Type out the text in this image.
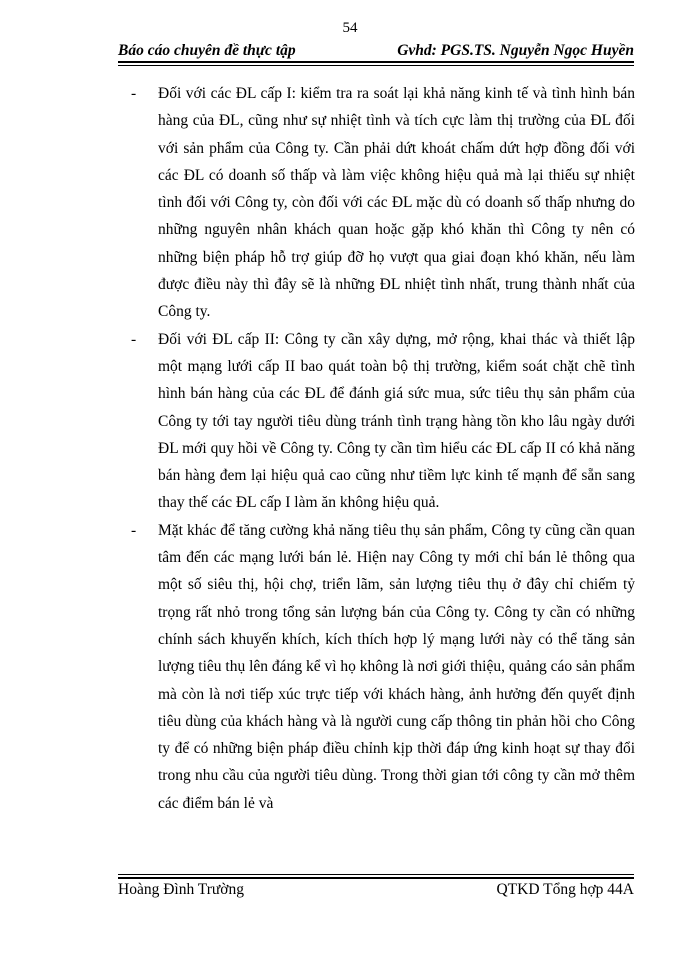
54
Báo cáo chuyên đề thực tập	Gvhd: PGS.TS. Nguyễn Ngọc Huyền
- Đối với các ĐL cấp I: kiểm tra ra soát lại khả năng kinh tế và tình hình bán hàng của ĐL, cũng như sự nhiệt tình và tích cực làm thị trường của ĐL đối với sản phẩm của Công ty. Cần phải dứt khoát chấm dứt hợp đồng đối với các ĐL có doanh số thấp và làm việc không hiệu quả mà lại thiếu sự nhiệt tình đối với Công ty, còn đối với các ĐL mặc dù có doanh số thấp nhưng do những nguyên nhân khách quan hoặc gặp khó khăn thì Công ty nên có những biện pháp hỗ trợ giúp đỡ họ vượt qua giai đoạn khó khăn, nếu làm được điều này thì đây sẽ là những ĐL nhiệt tình nhất, trung thành nhất của Công ty.
- Đối với ĐL cấp II: Công ty cần xây dựng, mở rộng, khai thác và thiết lập một mạng lưới cấp II bao quát toàn bộ thị trường, kiểm soát chặt chẽ tình hình bán hàng của các ĐL để đánh giá sức mua, sức tiêu thụ sản phẩm của Công ty tới tay người tiêu dùng tránh tình trạng hàng tồn kho lâu ngày dưới ĐL mới quy hồi về Công ty. Công ty cần tìm hiểu các ĐL cấp II có khả năng bán hàng đem lại hiệu quả cao cũng như tiềm lực kinh tế mạnh để sẵn sang thay thế các ĐL cấp I làm ăn không hiệu quả.
- Mặt khác để tăng cường khả năng tiêu thụ sản phẩm, Công ty cũng cần quan tâm đến các mạng lưới bán lẻ. Hiện nay Công ty mới chỉ bán lẻ thông qua một số siêu thị, hội chợ, triển lãm, sản lượng tiêu thụ ở đây chỉ chiếm tỷ trọng rất nhỏ trong tổng sản lượng bán của Công ty. Công ty cần có những chính sách khuyến khích, kích thích hợp lý mạng lưới này có thể tăng sản lượng tiêu thụ lên đáng kể vì họ không là nơi giới thiệu, quảng cáo sản phẩm mà còn là nơi tiếp xúc trực tiếp với khách hàng, ảnh hưởng đến quyết định tiêu dùng của khách hàng và là người cung cấp thông tin phản hồi cho Công ty để có những biện pháp điều chỉnh kịp thời đáp ứng kinh hoạt sự thay đổi trong nhu cầu của người tiêu dùng. Trong thời gian tới công ty cần mở thêm các điểm bán lẻ và
Hoàng Đình Trường	QTKD Tổng hợp 44A
